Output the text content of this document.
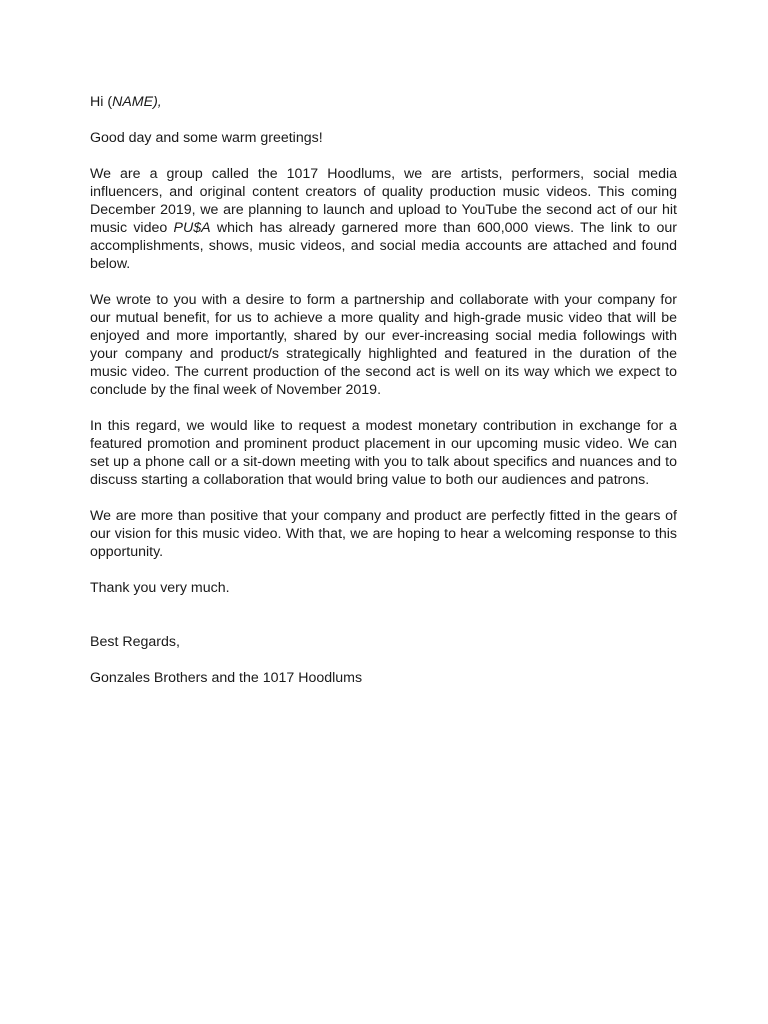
Hi (NAME),

Good day and some warm greetings!

We are a group called the 1017 Hoodlums, we are artists, performers, social media influencers, and original content creators of quality production music videos. This coming December 2019, we are planning to launch and upload to YouTube the second act of our hit music video PU$A which has already garnered more than 600,000 views. The link to our accomplishments, shows, music videos, and social media accounts are attached and found below.

We wrote to you with a desire to form a partnership and collaborate with your company for our mutual benefit, for us to achieve a more quality and high-grade music video that will be enjoyed and more importantly, shared by our ever-increasing social media followings with your company and product/s strategically highlighted and featured in the duration of the music video. The current production of the second act is well on its way which we expect to conclude by the final week of November 2019.

In this regard, we would like to request a modest monetary contribution in exchange for a featured promotion and prominent product placement in our upcoming music video. We can set up a phone call or a sit-down meeting with you to talk about specifics and nuances and to discuss starting a collaboration that would bring value to both our audiences and patrons.

We are more than positive that your company and product are perfectly fitted in the gears of our vision for this music video. With that, we are hoping to hear a welcoming response to this opportunity.

Thank you very much.

Best Regards,

Gonzales Brothers and the 1017 Hoodlums
